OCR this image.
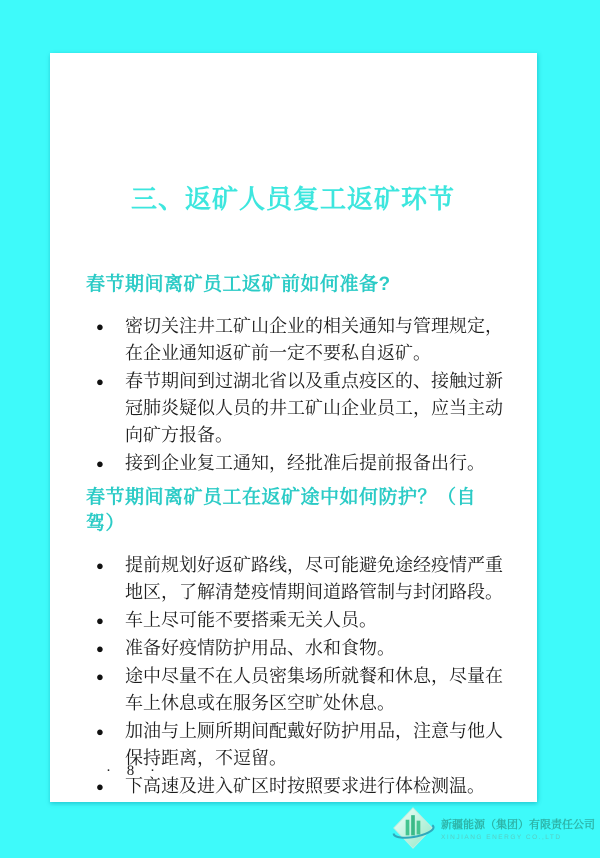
三、返矿人员复工返矿环节
春节期间离矿员工返矿前如何准备?
●	密切关注井工矿山企业的相关通知与管理规定，在企业通知返矿前一定不要私自返矿。
●	春节期间到过湖北省以及重点疫区的、接触过新冠肺炎疑似人员的井工矿山企业员工，应当主动向矿方报备。
●	接到企业复工通知，经批准后提前报备出行。
春节期间离矿员工在返矿途中如何防护？（自驾）
●	提前规划好返矿路线，尽可能避免途经疫情严重地区，了解清楚疫情期间道路管制与封闭路段。
●	车上尽可能不要搭乘无关人员。
●	准备好疫情防护用品、水和食物。
●	途中尽量不在人员密集场所就餐和休息，尽量在车上休息或在服务区空旷处休息。
●	加油与上厕所期间配戴好防护用品，注意与他人保持距离，不逗留。
●	下高速及进入矿区时按照要求进行体检测温。
· 8 ·
新疆能源（集团）有限责任公司
XINJIANG ENERGY CO.,LTD
